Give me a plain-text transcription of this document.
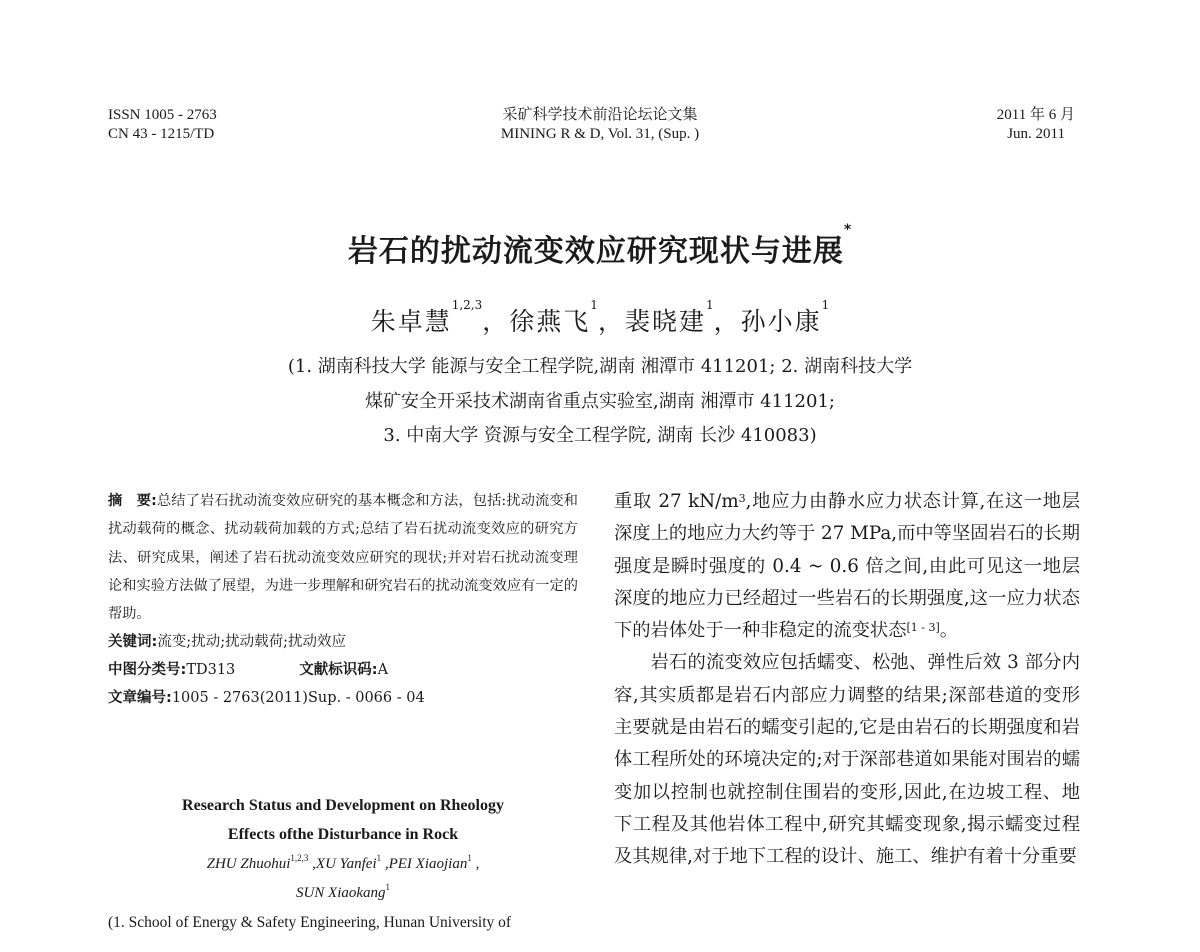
ISSN 1005 - 2763
CN 43 - 1215/TD
采矿科学技术前沿论坛论文集
MINING R & D, Vol. 31, (Sup. )
2011 年 6 月
Jun. 2011
岩石的扰动流变效应研究现状与进展*
朱卓慧$^{1,2,3}$，徐燕飞$^1$，裴晓建$^1$，孙小康$^1$
(1. 湖南科技大学 能源与安全工程学院,湖南 湘潭市 411201; 2. 湖南科技大学
煤矿安全开采技术湖南省重点实验室,湖南 湘潭市 411201;
3. 中南大学 资源与安全工程学院, 湖南 长沙 410083)

摘　要:总结了岩石扰动流变效应研究的基本概念和方法，包括:扰动流变和扰动载荷的概念、扰动载荷加载的方式;总结了岩石扰动流变效应的研究方法、研究成果，阐述了岩石扰动流变效应研究的现状;并对岩石扰动流变理论和实验方法做了展望，为进一步理解和研究岩石的扰动流变效应有一定的帮助。

关键词:流变;扰动;扰动载荷;扰动效应

中图分类号:TD313	文献标识码:A

文章编号:1005 - 2763(2011)Sup. - 0066 - 04

Research Status and Development on Rheology
Effects ofthe Disturbance in Rock
ZHU Zhuohui$^{1,2,3}$ ,XU Yanfei$^1$ ,PEI Xiaojian$^1$ ,
SUN Xiaokang$^1$
(1. School of Energy & Safety Engineering, Hunan University of

重取 27 kN/m$^3$,地应力由静水应力状态计算,在这一地层深度上的地应力大约等于 27 MPa,而中等坚固岩石的长期强度是瞬时强度的 0.4 ~ 0.6 倍之间,由此可见这一地层深度的地应力已经超过一些岩石的长期强度,这一应力状态下的岩体处于一种非稳定的流变状态[1 - 3]。

岩石的流变效应包括蠕变、松弛、弹性后效 3 部分内容,其实质都是岩石内部应力调整的结果;深部巷道的变形主要就是由岩石的蠕变引起的,它是由岩石的长期强度和岩体工程所处的环境决定的;对于深部巷道如果能对围岩的蠕变加以控制也就控制住围岩的变形,因此,在边坡工程、地下工程及其他岩体工程中,研究其蠕变现象,揭示蠕变过程及其规律,对于地下工程的设计、施工、维护有着十分重要
